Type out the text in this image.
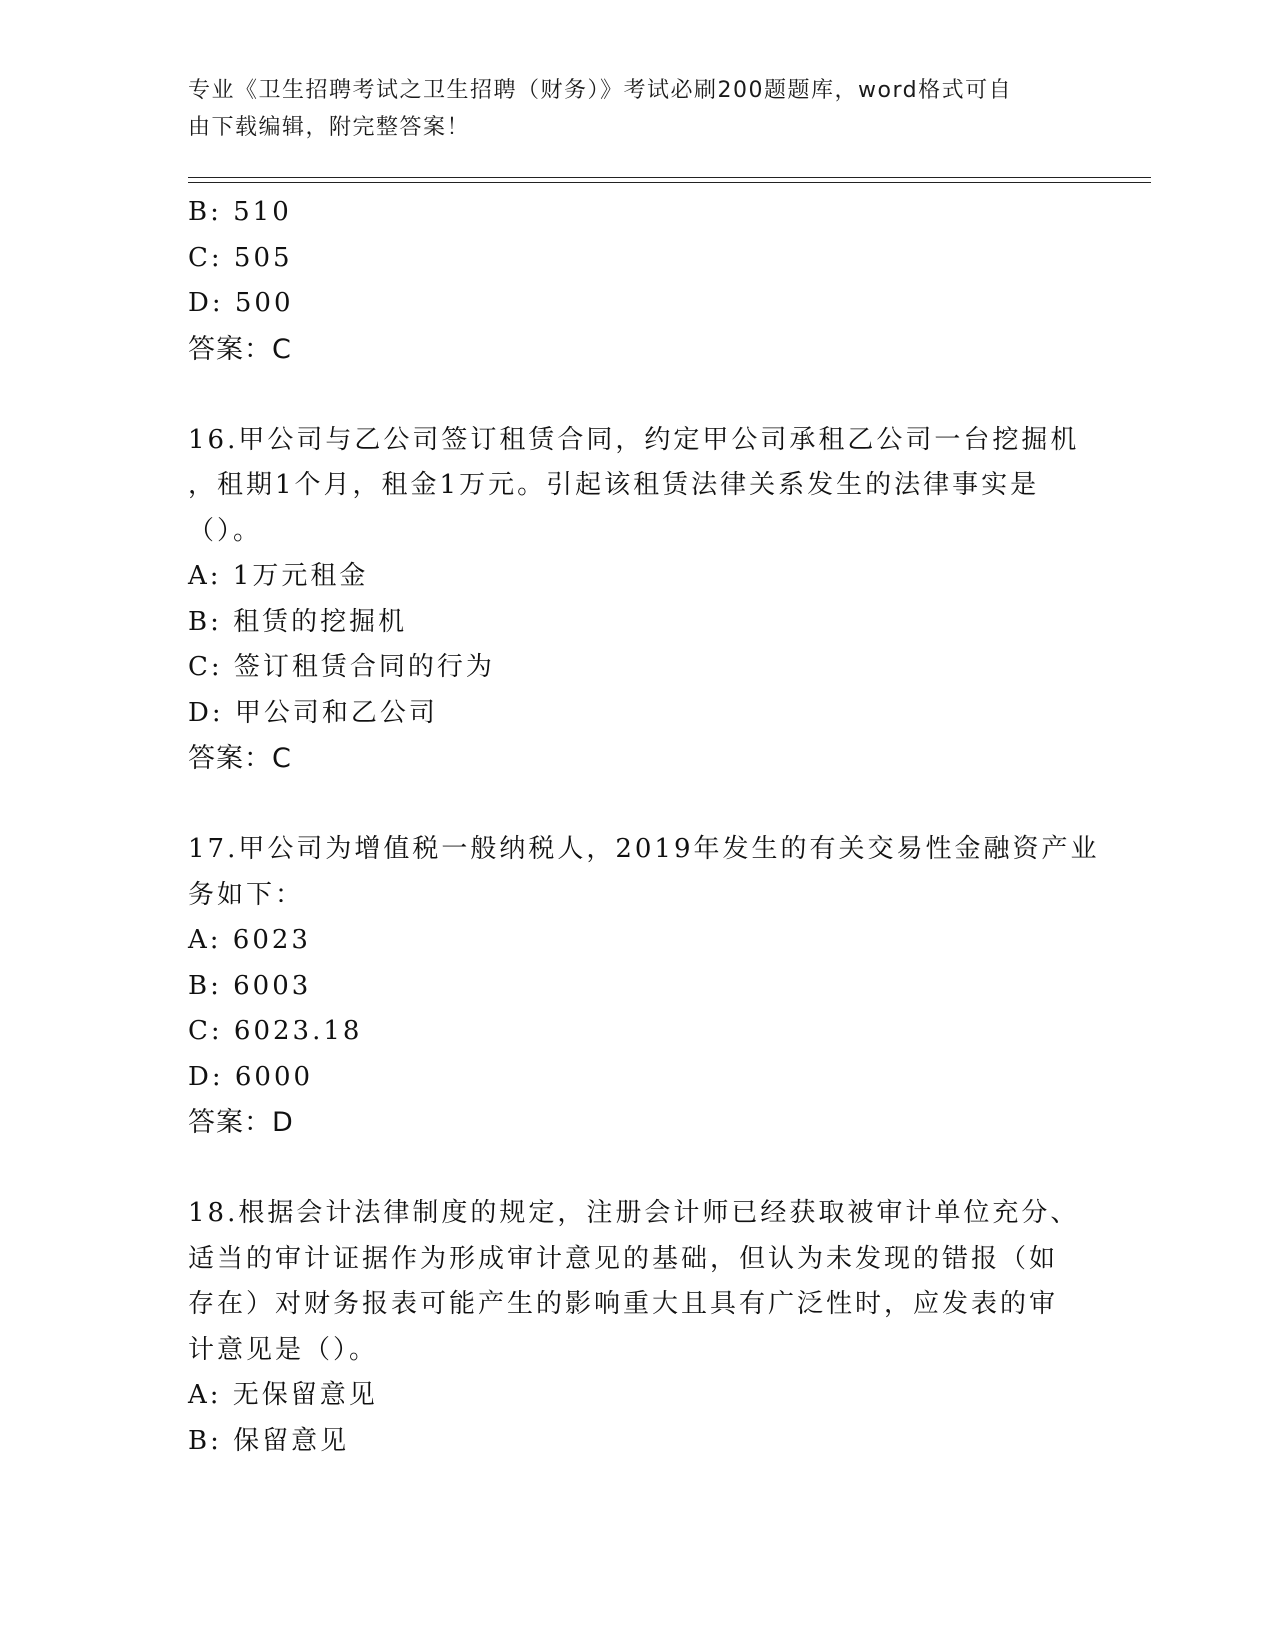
专业《卫生招聘考试之卫生招聘（财务）》考试必刷200题题库，word格式可自
由下载编辑，附完整答案！
B: 510
C: 505
D: 500
答案：C
16.甲公司与乙公司签订租赁合同，约定甲公司承租乙公司一台挖掘机
，租期1个月，租金1万元。引起该租赁法律关系发生的法律事实是
（）。
A: 1万元租金
B: 租赁的挖掘机
C: 签订租赁合同的行为
D: 甲公司和乙公司
答案：C
17.甲公司为增值税一般纳税人，2019年发生的有关交易性金融资产业
务如下：
A: 6023
B: 6003
C: 6023.18
D: 6000
答案：D
18.根据会计法律制度的规定，注册会计师已经获取被审计单位充分、
适当的审计证据作为形成审计意见的基础，但认为未发现的错报（如
存在）对财务报表可能产生的影响重大且具有广泛性时，应发表的审
计意见是（）。
A: 无保留意见
B: 保留意见
